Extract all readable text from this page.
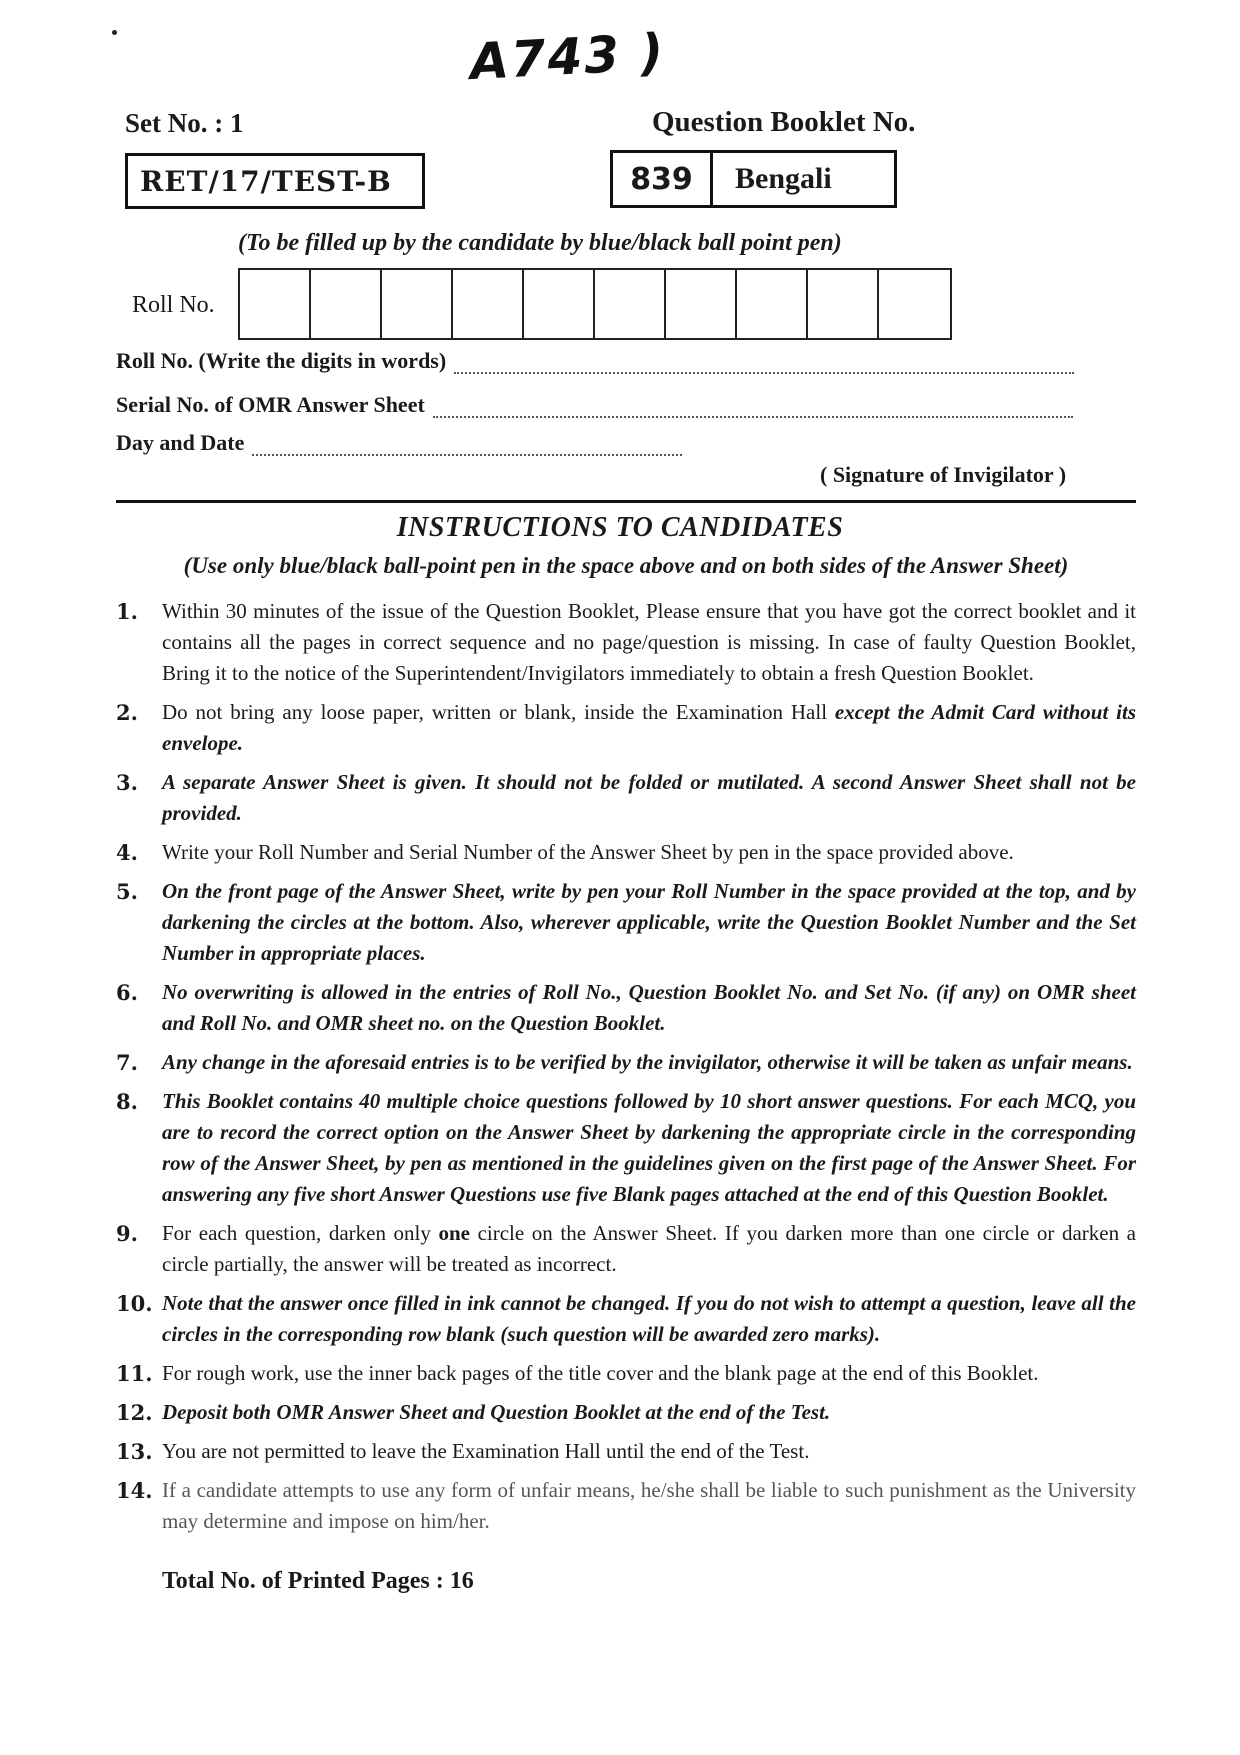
A743 )
Set No. : 1	Question Booklet No.
RET/17/TEST-B	839	Bengali
(To be filled up by the candidate by blue/black ball point pen)
Roll No.
Roll No. (Write the digits in words)
Serial No. of OMR Answer Sheet
Day and Date
( Signature of Invigilator )
INSTRUCTIONS TO CANDIDATES
(Use only blue/black ball-point pen in the space above and on both sides of the Answer Sheet)
1.	Within 30 minutes of the issue of the Question Booklet, Please ensure that you have got the correct booklet and it contains all the pages in correct sequence and no page/question is missing. In case of faulty Question Booklet, Bring it to the notice of the Superintendent/Invigilators immediately to obtain a fresh Question Booklet.
2.	Do not bring any loose paper, written or blank, inside the Examination Hall except the Admit Card without its envelope.
3.	A separate Answer Sheet is given. It should not be folded or mutilated. A second Answer Sheet shall not be provided.
4.	Write your Roll Number and Serial Number of the Answer Sheet by pen in the space provided above.
5.	On the front page of the Answer Sheet, write by pen your Roll Number in the space provided at the top, and by darkening the circles at the bottom. Also, wherever applicable, write the Question Booklet Number and the Set Number in appropriate places.
6.	No overwriting is allowed in the entries of Roll No., Question Booklet No. and Set No. (if any) on OMR sheet and Roll No. and OMR sheet no. on the Question Booklet.
7.	Any change in the aforesaid entries is to be verified by the invigilator, otherwise it will be taken as unfair means.
8.	This Booklet contains 40 multiple choice questions followed by 10 short answer questions. For each MCQ, you are to record the correct option on the Answer Sheet by darkening the appropriate circle in the corresponding row of the Answer Sheet, by pen as mentioned in the guidelines given on the first page of the Answer Sheet. For answering any five short Answer Questions use five Blank pages attached at the end of this Question Booklet.
9.	For each question, darken only one circle on the Answer Sheet. If you darken more than one circle or darken a circle partially, the answer will be treated as incorrect.
10. Note that the answer once filled in ink cannot be changed. If you do not wish to attempt a question, leave all the circles in the corresponding row blank (such question will be awarded zero marks).
11. For rough work, use the inner back pages of the title cover and the blank page at the end of this Booklet.
12. Deposit both OMR Answer Sheet and Question Booklet at the end of the Test.
13. You are not permitted to leave the Examination Hall until the end of the Test.
14. If a candidate attempts to use any form of unfair means, he/she shall be liable to such punishment as the University may determine and impose on him/her.
Total No. of Printed Pages : 16
